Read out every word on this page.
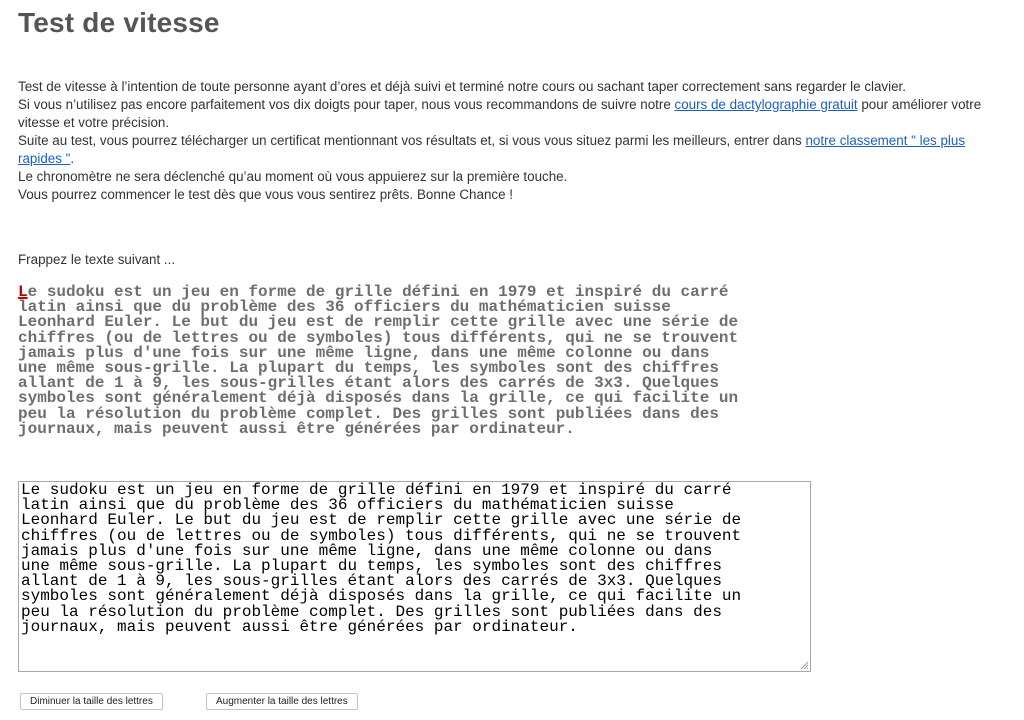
Test de vitesse

Test de vitesse à l’intention de toute personne ayant d’ores et déjà suivi et terminé notre cours ou sachant taper correctement sans regarder le clavier.

Si vous n’utilisez pas encore parfaitement vos dix doigts pour taper, nous vous recommandons de suivre notre cours de dactylographie gratuit pour améliorer votre vitesse et votre précision.

Suite au test, vous pourrez télécharger un certificat mentionnant vos résultats et, si vous vous situez parmi les meilleurs, entrer dans notre classement " les plus rapides ".

Le chronomètre ne sera déclenché qu’au moment où vous appuierez sur la première touche.

Vous pourrez commencer le test dès que vous vous sentirez prêts. Bonne Chance !

Frappez le texte suivant ...
Le sudoku est un jeu en forme de grille défini en 1979 et inspiré du carré
latin ainsi que du problème des 36 officiers du mathématicien suisse
Leonhard Euler. Le but du jeu est de remplir cette grille avec une série de
chiffres (ou de lettres ou de symboles) tous différents, qui ne se trouvent
jamais plus d'une fois sur une même ligne, dans une même colonne ou dans
une même sous-grille. La plupart du temps, les symboles sont des chiffres
allant de 1 à 9, les sous-grilles étant alors des carrés de 3x3. Quelques
symboles sont généralement déjà disposés dans la grille, ce qui facilite un
peu la résolution du problème complet. Des grilles sont publiées dans des
journaux, mais peuvent aussi être générées par ordinateur.
Le sudoku est un jeu en forme de grille défini en 1979 et inspiré du carré
latin ainsi que du problème des 36 officiers du mathématicien suisse
Leonhard Euler. Le but du jeu est de remplir cette grille avec une série de
chiffres (ou de lettres ou de symboles) tous différents, qui ne se trouvent
jamais plus d'une fois sur une même ligne, dans une même colonne ou dans
une même sous-grille. La plupart du temps, les symboles sont des chiffres
allant de 1 à 9, les sous-grilles étant alors des carrés de 3x3. Quelques
symboles sont généralement déjà disposés dans la grille, ce qui facilite un
peu la résolution du problème complet. Des grilles sont publiées dans des
journaux, mais peuvent aussi être générées par ordinateur.
Diminuer la taille des lettres	Augmenter la taille des lettres
